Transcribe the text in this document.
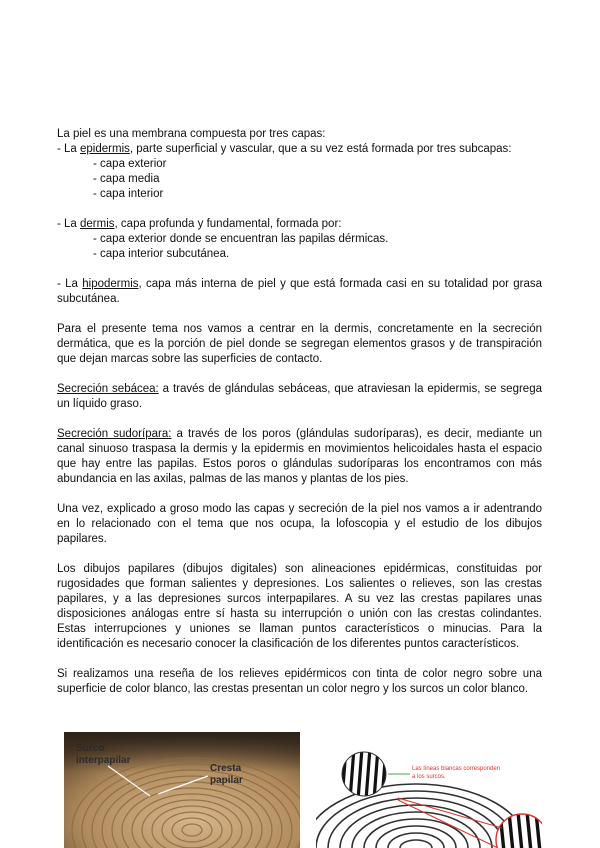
La piel es una membrana compuesta por tres capas:

- La epidermis, parte superficial y vascular, que a su vez está formada por tres subcapas:

- capa exterior

- capa media

- capa interior

- La dermis, capa profunda y fundamental, formada por:

- capa exterior donde se encuentran las papilas dérmicas.

- capa interior subcutánea.

- La hipodermis, capa más interna de piel y que está formada casi en su totalidad por grasa subcutánea.

Para el presente tema nos vamos a centrar en la dermis, concretamente en la secreción dermática, que es la porción de piel donde se segregan elementos grasos y de transpiración que dejan marcas sobre las superficies de contacto.

Secreción sebácea: a través de glándulas sebáceas, que atraviesan la epidermis, se segrega un líquido graso.

Secreción sudorípara: a través de los poros (glándulas sudoríparas), es decir, mediante un canal sinuoso traspasa la dermis y la epidermis en movimientos helicoidales hasta el espacio que hay entre las papilas. Estos poros o glándulas sudoríparas los encontramos con más abundancia en las axilas, palmas de las manos y plantas de los pies.

Una vez, explicado a groso modo las capas y secreción de la piel nos vamos a ir adentrando en lo relacionado con el tema que nos ocupa, la lofoscopia y el estudio de los dibujos papilares.

Los dibujos papilares (dibujos digitales) son alineaciones epidérmicas, constituidas por rugosidades que forman salientes y depresiones. Los salientes o relieves, son las crestas papilares, y a las depresiones surcos interpapilares. A su vez las crestas papilares unas disposiciones análogas entre sí hasta su interrupción o unión con las crestas colindantes. Estas interrupciones y uniones se llaman puntos característicos o minucias. Para la identificación es necesario conocer la clasificación de los diferentes puntos característicos.

Si realizamos una reseña de los relieves epidérmicos con tinta de color negro sobre una superficie de color blanco, las crestas presentan un color negro y los surcos un color blanco.

Surco
interpapilar
Cresta
papilar
Las líneas blancas corresponden
a los surcos.
